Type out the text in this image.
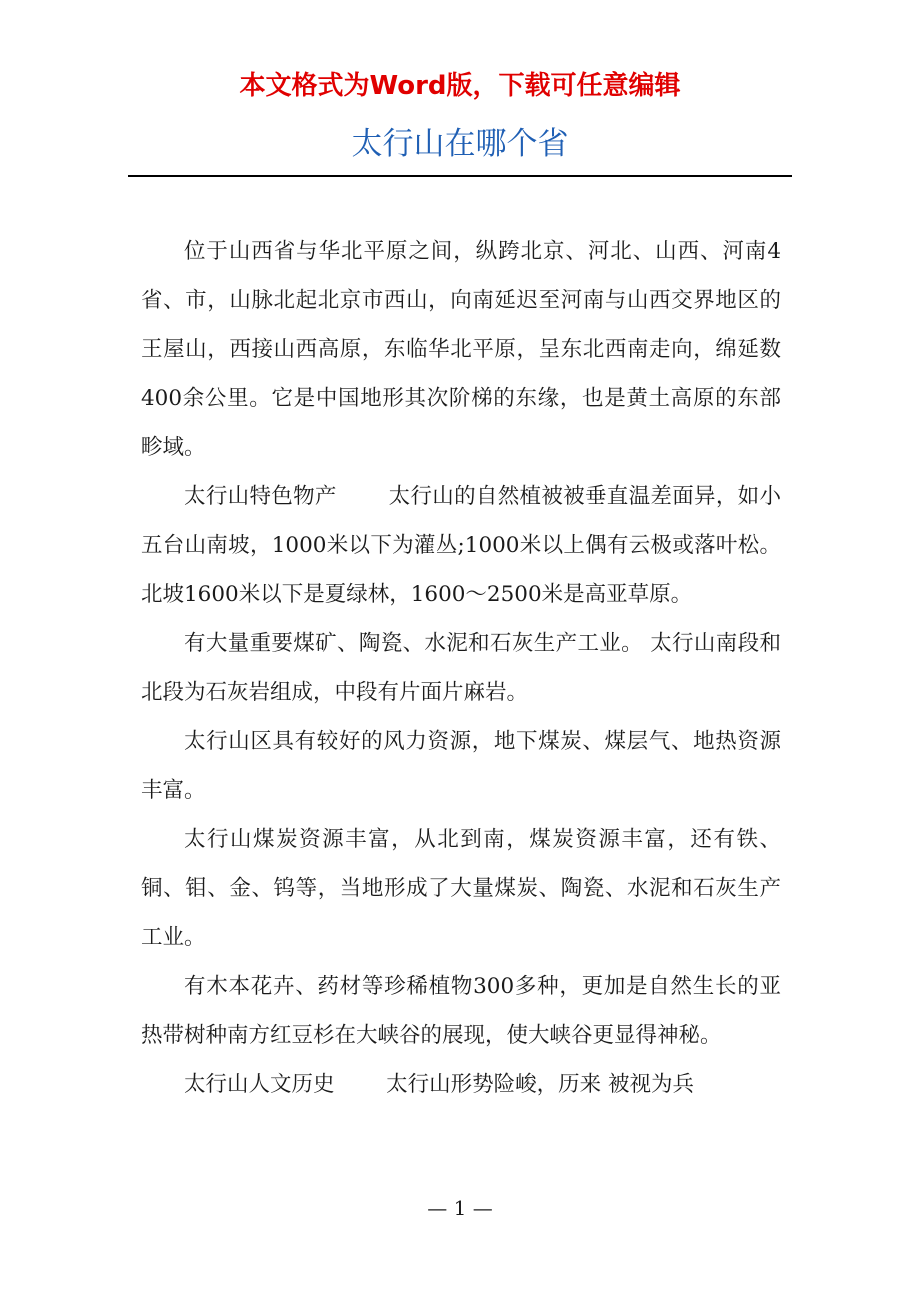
本文格式为Word版，下载可任意编辑
太行山在哪个省

位于山西省与华北平原之间，纵跨北京、河北、山西、河南4省、市，山脉北起北京市西山，向南延迟至河南与山西交界地区的王屋山，西接山西高原，东临华北平原，呈东北西南走向，绵延数400余公里。它是中国地形其次阶梯的东缘，也是黄土高原的东部畛域。

太行山特色物产 太行山的自然植被被垂直温差面异，如小五台山南坡，1000米以下为灌丛;1000米以上偶有云极或落叶松。北坡1600米以下是夏绿林，1600～2500米是高亚草原。

有大量重要煤矿、陶瓷、水泥和石灰生产工业。 太行山南段和北段为石灰岩组成，中段有片面片麻岩。

太行山区具有较好的风力资源，地下煤炭、煤层气、地热资源丰富。

太行山煤炭资源丰富，从北到南，煤炭资源丰富，还有铁、铜、钼、金、钨等，当地形成了大量煤炭、陶瓷、水泥和石灰生产工业。

有木本花卉、药材等珍稀植物300多种，更加是自然生长的亚热带树种南方红豆杉在大峡谷的展现，使大峡谷更显得神秘。

太行山人文历史 太行山形势险峻，历来 被视为兵

— 1 —
